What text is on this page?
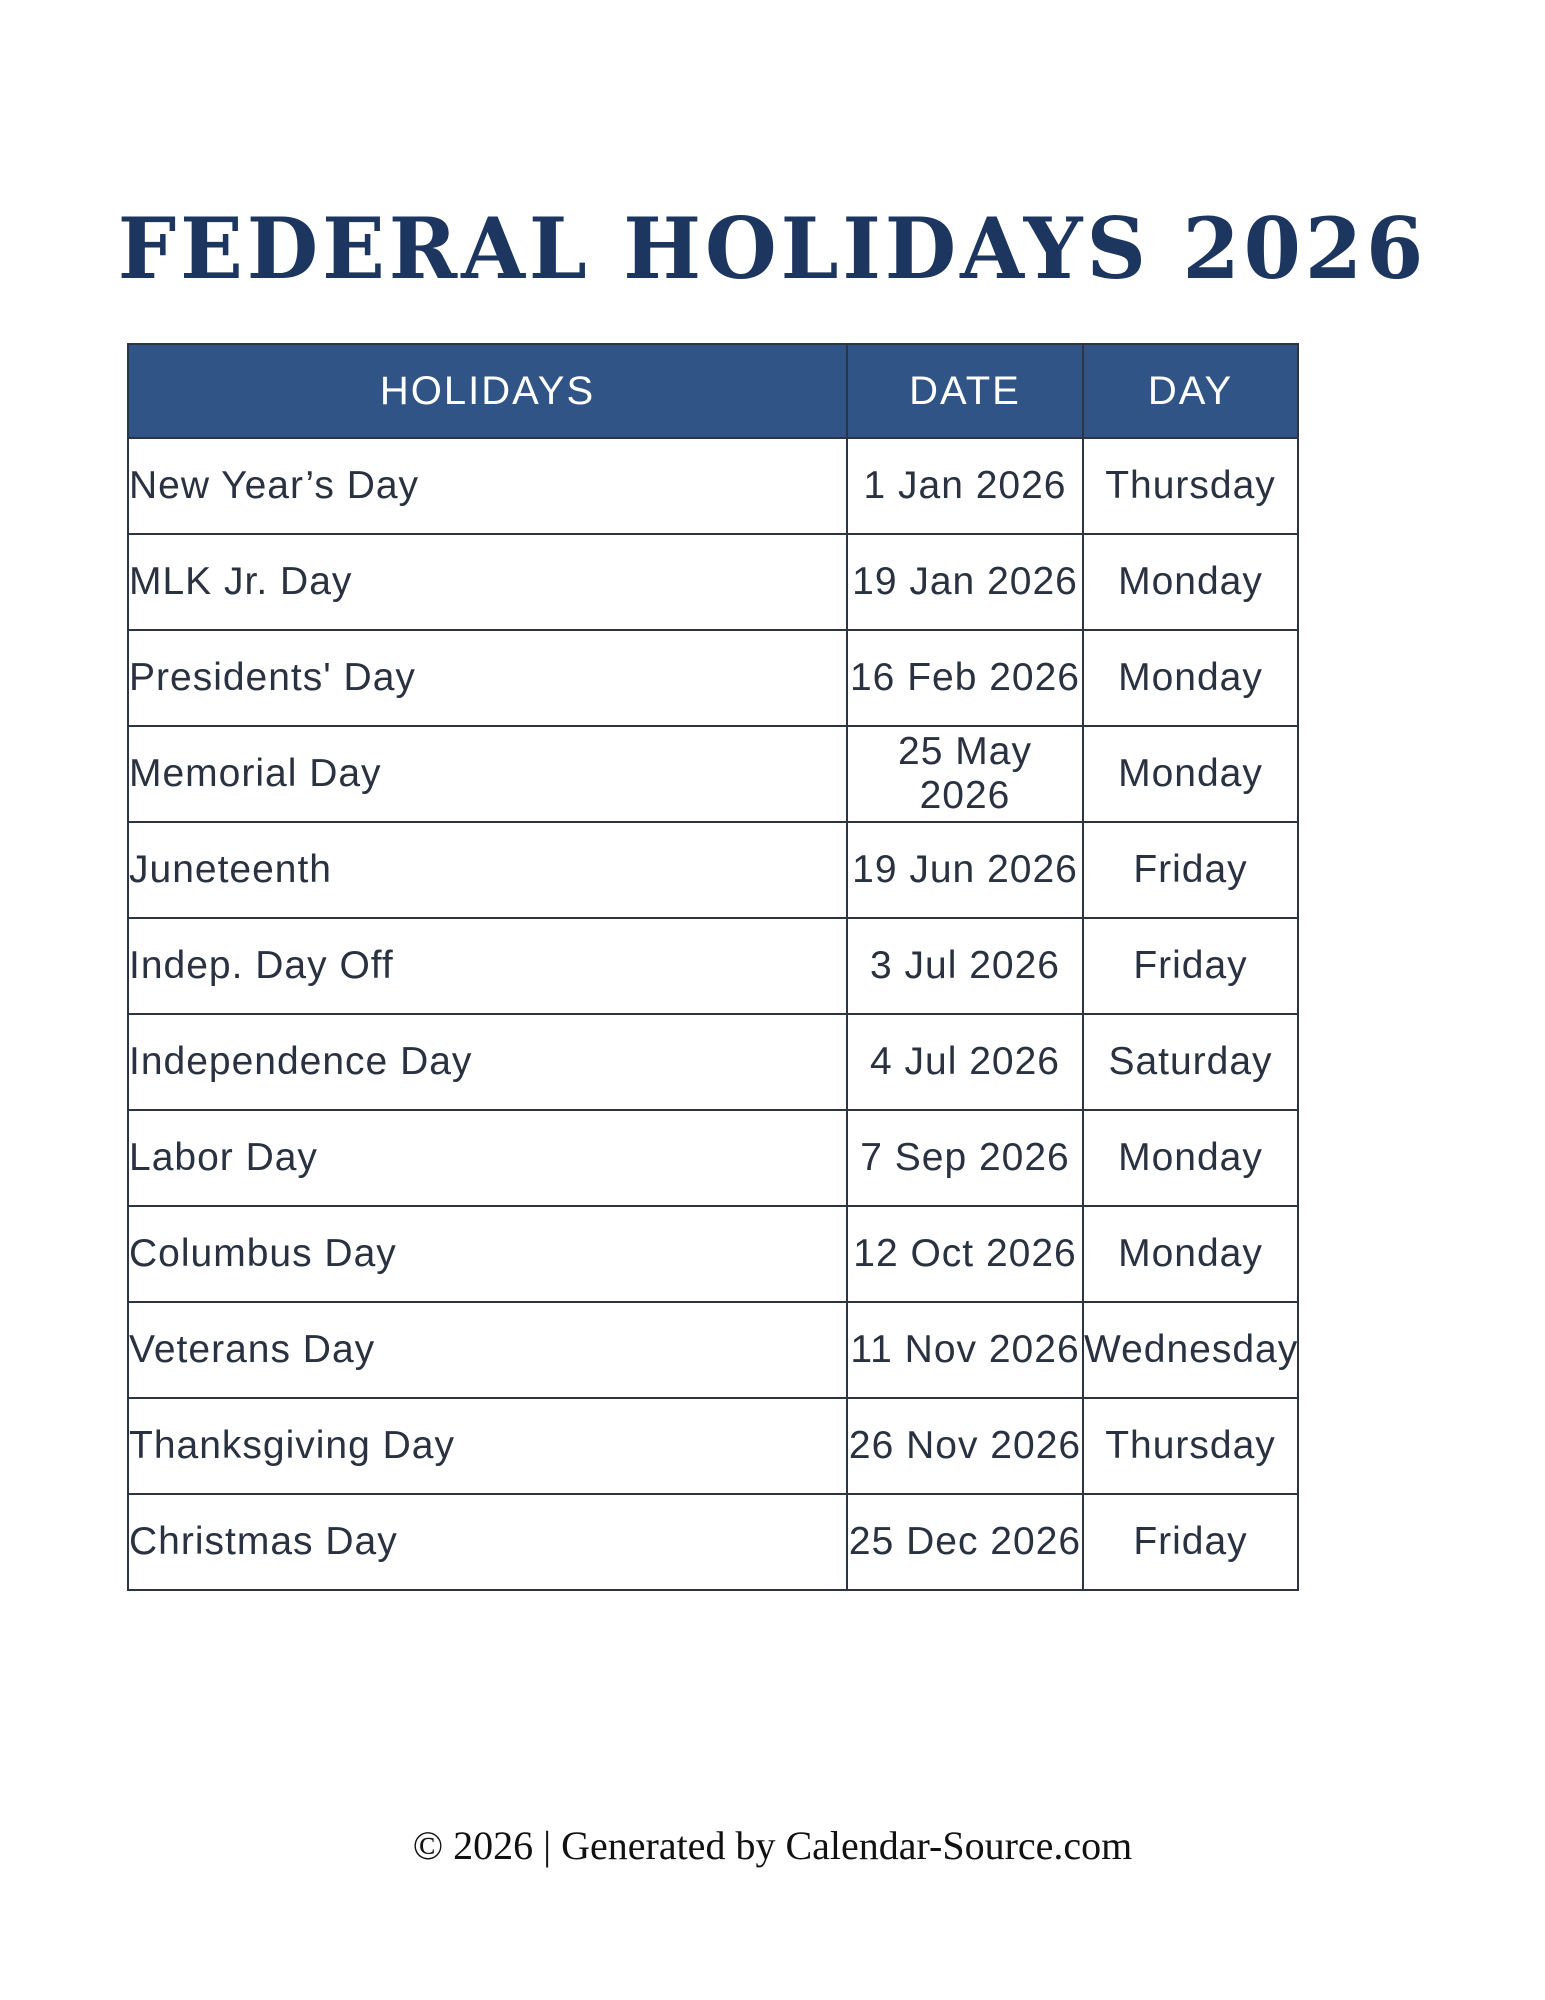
FEDERAL HOLIDAYS 2026
HOLIDAYS	DATE	DAY
New Year’s Day	1 Jan 2026	Thursday
MLK Jr. Day	19 Jan 2026	Monday
Presidents' Day	16 Feb 2026	Monday
Memorial Day	25 May 2026	Monday
Juneteenth	19 Jun 2026	Friday
Indep. Day Off	3 Jul 2026	Friday
Independence Day	4 Jul 2026	Saturday
Labor Day	7 Sep 2026	Monday
Columbus Day	12 Oct 2026	Monday
Veterans Day	11 Nov 2026	Wednesday
Thanksgiving Day	26 Nov 2026	Thursday
Christmas Day	25 Dec 2026	Friday
© 2026 | Generated by Calendar-Source.com
